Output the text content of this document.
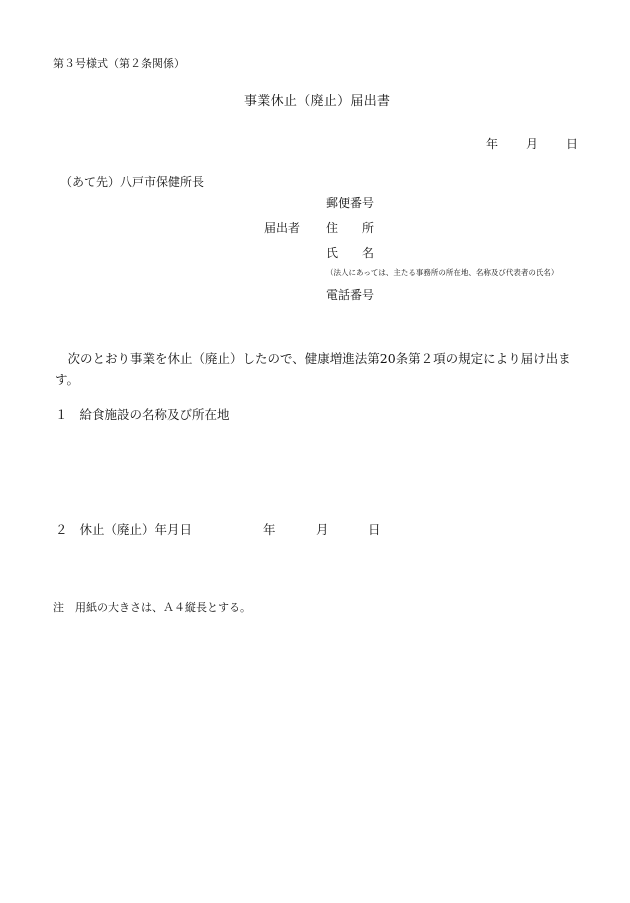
第３号様式（第２条関係）
事業休止（廃止）届出書
年 月 日
（あて先）八戸市保健所長
郵便番号
届出者 住　　所
氏　　名
（法人にあっては、主たる事務所の所在地、名称及び代表者の氏名）
電話番号
次のとおり事業を休止（廃止）したので、健康増進法第20条第２項の規定により届け出ます。
１ 給食施設の名称及び所在地
２ 休止（廃止）年月日	年	月	日
注　用紙の大きさは、Ａ４縦長とする。
